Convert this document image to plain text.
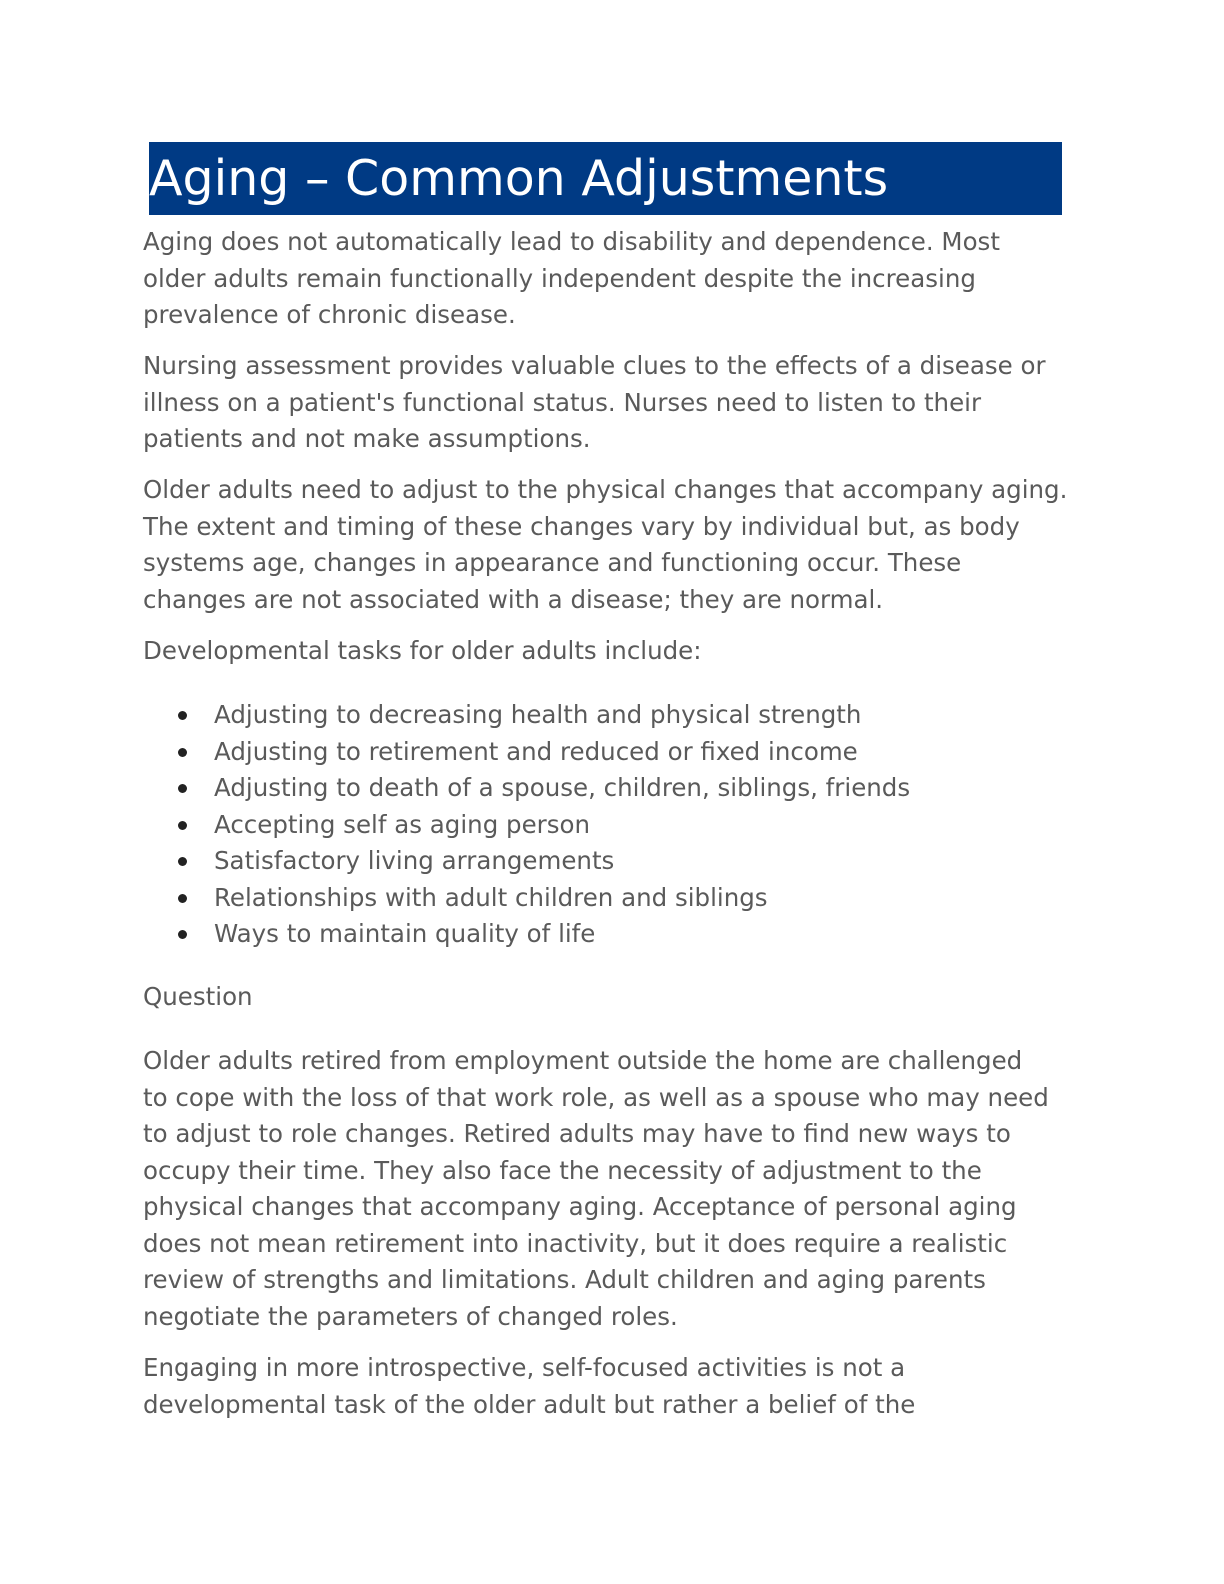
Aging – Common Adjustments

Aging does not automatically lead to disability and dependence. Most
older adults remain functionally independent despite the increasing
prevalence of chronic disease.

Nursing assessment provides valuable clues to the effects of a disease or
illness on a patient's functional status. Nurses need to listen to their
patients and not make assumptions.

Older adults need to adjust to the physical changes that accompany aging.
The extent and timing of these changes vary by individual but, as body
systems age, changes in appearance and functioning occur. These
changes are not associated with a disease; they are normal.

Developmental tasks for older adults include:

Adjusting to decreasing health and physical strength
Adjusting to retirement and reduced or fixed income
Adjusting to death of a spouse, children, siblings, friends
Accepting self as aging person
Satisfactory living arrangements
Relationships with adult children and siblings
Ways to maintain quality of life

Question

Older adults retired from employment outside the home are challenged
to cope with the loss of that work role, as well as a spouse who may need
to adjust to role changes. Retired adults may have to find new ways to
occupy their time. They also face the necessity of adjustment to the
physical changes that accompany aging. Acceptance of personal aging
does not mean retirement into inactivity, but it does require a realistic
review of strengths and limitations. Adult children and aging parents
negotiate the parameters of changed roles.

Engaging in more introspective, self-focused activities is not a
developmental task of the older adult but rather a belief of the
